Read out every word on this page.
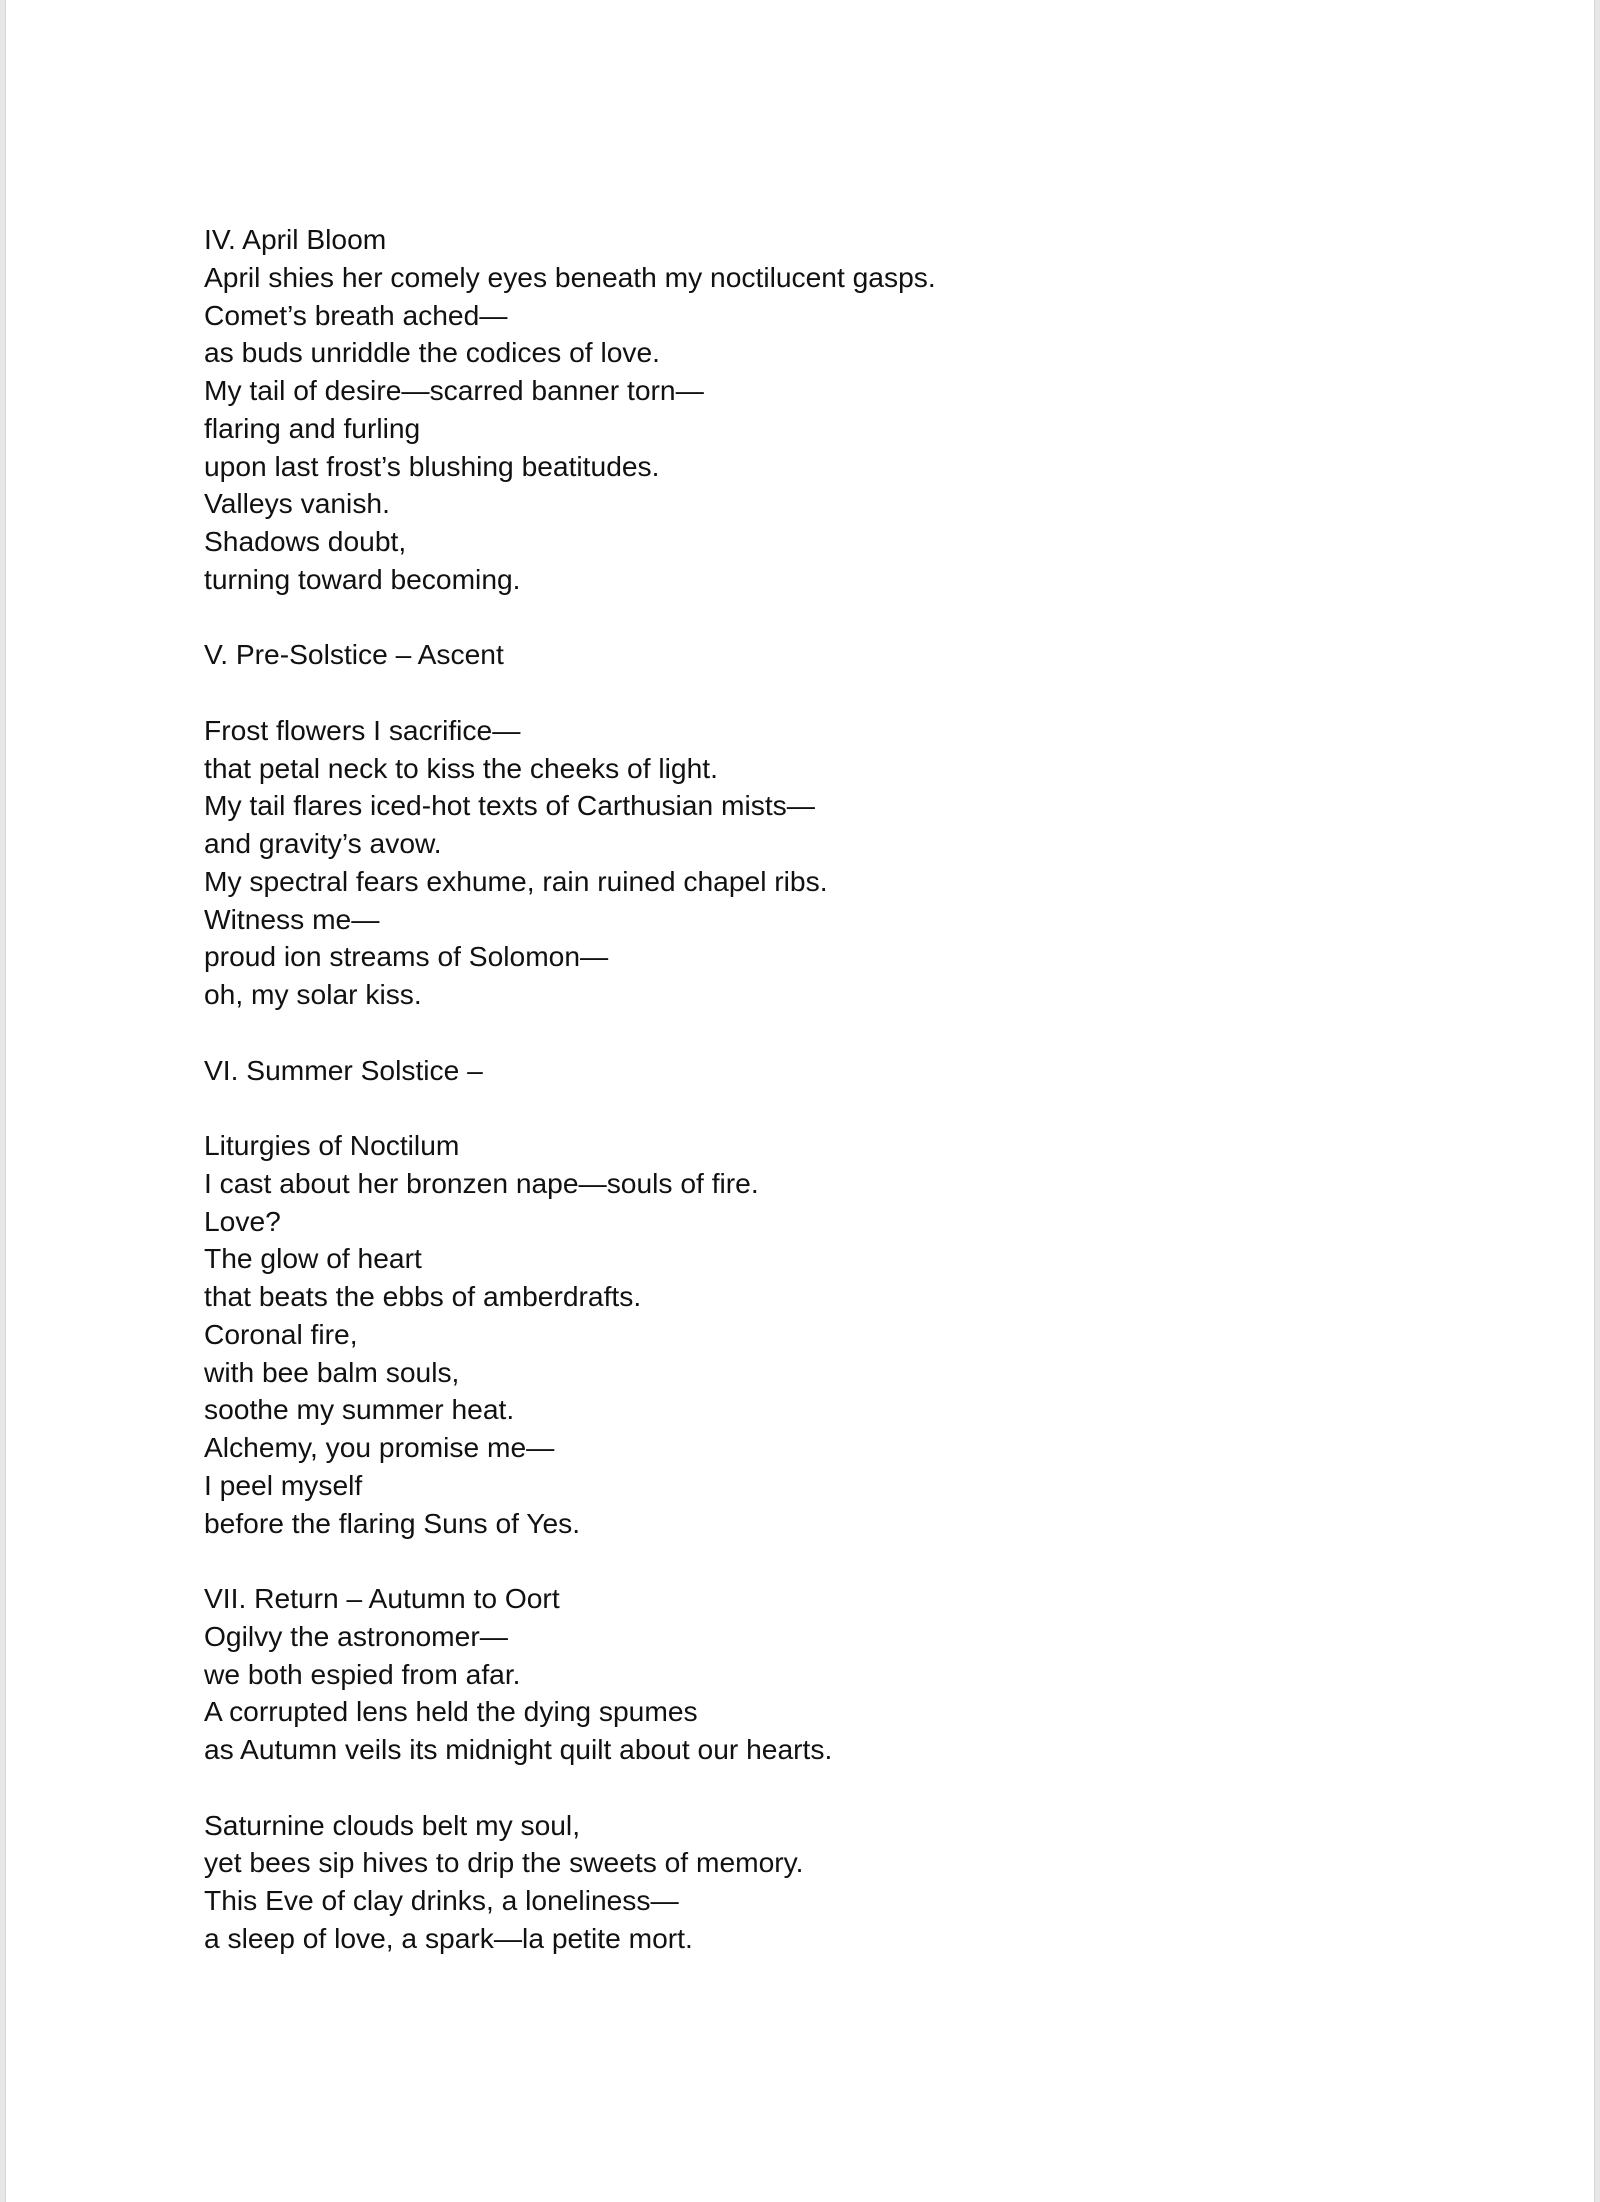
IV. April Bloom
April shies her comely eyes beneath my noctilucent gasps.
Comet’s breath ached—
as buds unriddle the codices of love.
My tail of desire—scarred banner torn—
flaring and furling
upon last frost’s blushing beatitudes.
Valleys vanish.
Shadows doubt,
turning toward becoming.
V. Pre-Solstice – Ascent
Frost flowers I sacrifice—
that petal neck to kiss the cheeks of light.
My tail flares iced-hot texts of Carthusian mists—
and gravity’s avow.
My spectral fears exhume, rain ruined chapel ribs.
Witness me—
proud ion streams of Solomon—
oh, my solar kiss.
VI. Summer Solstice –
Liturgies of Noctilum
I cast about her bronzen nape—souls of fire.
Love?
The glow of heart
that beats the ebbs of amberdrafts.
Coronal fire,
with bee balm souls,
soothe my summer heat.
Alchemy, you promise me—
I peel myself
before the flaring Suns of Yes.
VII. Return – Autumn to Oort
Ogilvy the astronomer—
we both espied from afar.
A corrupted lens held the dying spumes
as Autumn veils its midnight quilt about our hearts.
Saturnine clouds belt my soul,
yet bees sip hives to drip the sweets of memory.
This Eve of clay drinks, a loneliness—
a sleep of love, a spark—la petite mort.
